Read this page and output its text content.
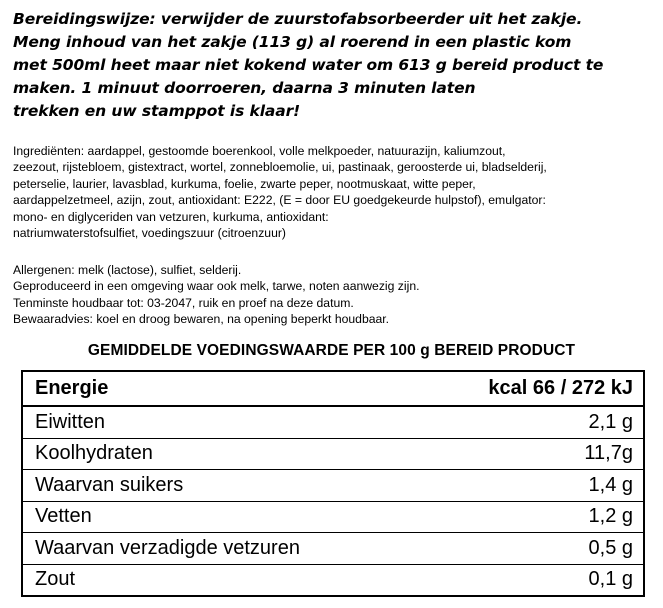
Bereidingswijze: verwijder de zuurstofabsorbeerder uit het zakje.
Meng inhoud van het zakje (113 g) al roerend in een plastic kom
met 500ml heet maar niet kokend water om 613 g bereid product te
maken. 1 minuut doorroeren, daarna 3 minuten laten
trekken en uw stamppot is klaar!
Ingrediënten: aardappel, gestoomde boerenkool, volle melkpoeder, natuurazijn, kaliumzout,
zeezout, rijstebloem, gistextract, wortel, zonnebloemolie, ui, pastinaak, geroosterde ui, bladselderij,
peterselie, laurier, lavasblad, kurkuma, foelie, zwarte peper, nootmuskaat, witte peper,
aardappelzetmeel, azijn, zout, antioxidant: E222, (E = door EU goedgekeurde hulpstof), emulgator:
mono- en diglyceriden van vetzuren, kurkuma, antioxidant:
natriumwaterstofsulfiet, voedingszuur (citroenzuur)
Allergenen: melk (lactose), sulfiet, selderij.
Geproduceerd in een omgeving waar ook melk, tarwe, noten aanwezig zijn.
Tenminste houdbaar tot: 03-2047, ruik en proef na deze datum.
Bewaaradvies: koel en droog bewaren, na opening beperkt houdbaar.
GEMIDDELDE VOEDINGSWAARDE PER 100 g BEREID PRODUCT
Energie	kcal 66 / 272 kJ
Eiwitten	2,1 g
Koolhydraten	11,7g
Waarvan suikers	1,4 g
Vetten	1,2 g
Waarvan verzadigde vetzuren	0,5 g
Zout	0,1 g
